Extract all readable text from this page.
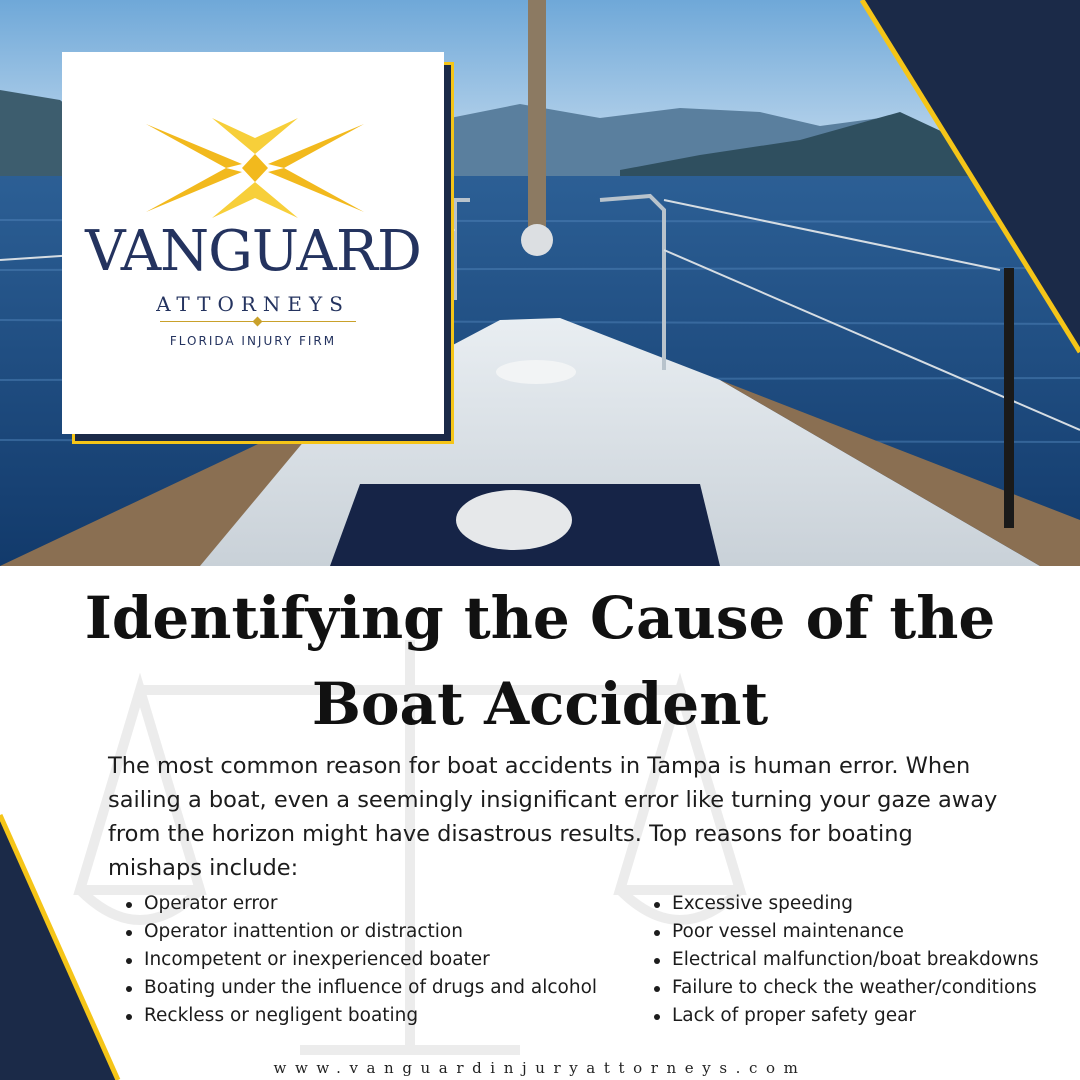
VANGUARD
ATTORNEYS
FLORIDA INJURY FIRM
Identifying the Cause of the
Boat Accident
The most common reason for boat accidents in Tampa is human error. When sailing a boat, even a seemingly insignificant error like turning your gaze away from the horizon might have disastrous results. Top reasons for boating mishaps include:
Operator error
Operator inattention or distraction
Incompetent or inexperienced boater
Boating under the influence of drugs and alcohol
Reckless or negligent boating
Excessive speeding
Poor vessel maintenance
Electrical malfunction/boat breakdowns
Failure to check the weather/conditions
Lack of proper safety gear
www.vanguardinjuryattorneys.com
